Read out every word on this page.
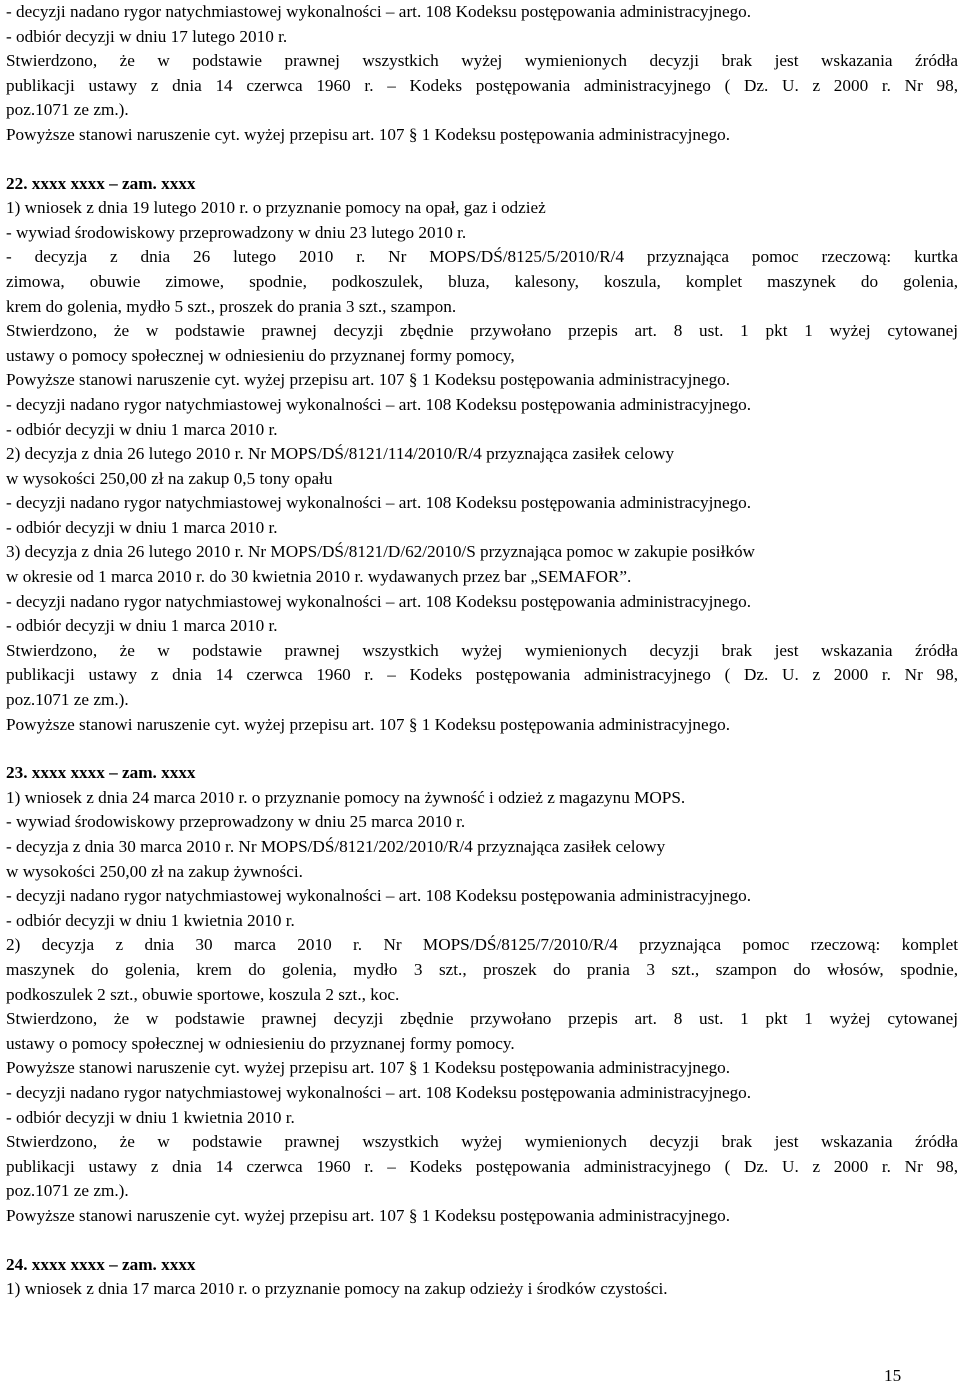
- decyzji nadano rygor natychmiastowej wykonalności – art. 108 Kodeksu postępowania administracyjnego.
- odbiór decyzji w dniu 17 lutego 2010 r.
Stwierdzono, że w podstawie prawnej wszystkich wyżej wymienionych decyzji brak jest wskazania źródła
publikacji ustawy z dnia 14 czerwca 1960 r. – Kodeks postępowania administracyjnego ( Dz. U. z 2000 r. Nr 98,
poz.1071 ze zm.).
Powyższe stanowi naruszenie cyt. wyżej przepisu art. 107 § 1 Kodeksu postępowania administracyjnego.
22. xxxx xxxx – zam. xxxx
1) wniosek z dnia 19 lutego 2010 r. o przyznanie pomocy na opał, gaz i odzież
- wywiad środowiskowy przeprowadzony w dniu 23 lutego 2010 r.
- decyzja z dnia 26 lutego 2010 r. Nr MOPS/DŚ/8125/5/2010/R/4 przyznająca pomoc rzeczową: kurtka
zimowa, obuwie zimowe, spodnie, podkoszulek, bluza, kalesony, koszula, komplet maszynek do golenia,
krem do golenia, mydło 5 szt., proszek do prania 3 szt., szampon.
Stwierdzono, że w podstawie prawnej decyzji zbędnie przywołano przepis art. 8 ust. 1 pkt 1 wyżej cytowanej
ustawy o pomocy społecznej w odniesieniu do przyznanej formy pomocy,
Powyższe stanowi naruszenie cyt. wyżej przepisu art. 107 § 1 Kodeksu postępowania administracyjnego.
- decyzji nadano rygor natychmiastowej wykonalności – art. 108 Kodeksu postępowania administracyjnego.
- odbiór decyzji w dniu 1 marca 2010 r.
2) decyzja z dnia 26 lutego 2010 r. Nr MOPS/DŚ/8121/114/2010/R/4 przyznająca zasiłek celowy
w wysokości 250,00 zł na zakup 0,5 tony opału
- decyzji nadano rygor natychmiastowej wykonalności – art. 108 Kodeksu postępowania administracyjnego.
- odbiór decyzji w dniu 1 marca 2010 r.
3) decyzja z dnia 26 lutego 2010 r. Nr MOPS/DŚ/8121/D/62/2010/S przyznająca pomoc w zakupie posiłków
w okresie od 1 marca 2010 r. do 30 kwietnia 2010 r. wydawanych przez bar „SEMAFOR”.
- decyzji nadano rygor natychmiastowej wykonalności – art. 108 Kodeksu postępowania administracyjnego.
- odbiór decyzji w dniu 1 marca 2010 r.
Stwierdzono, że w podstawie prawnej wszystkich wyżej wymienionych decyzji brak jest wskazania źródła
publikacji ustawy z dnia 14 czerwca 1960 r. – Kodeks postępowania administracyjnego ( Dz. U. z 2000 r. Nr 98,
poz.1071 ze zm.).
Powyższe stanowi naruszenie cyt. wyżej przepisu art. 107 § 1 Kodeksu postępowania administracyjnego.
23. xxxx xxxx – zam. xxxx
1) wniosek z dnia 24 marca 2010 r. o przyznanie pomocy na żywność i odzież z magazynu MOPS.
- wywiad środowiskowy przeprowadzony w dniu 25 marca 2010 r.
- decyzja z dnia 30 marca 2010 r. Nr MOPS/DŚ/8121/202/2010/R/4 przyznająca zasiłek celowy
w wysokości 250,00 zł na zakup żywności.
- decyzji nadano rygor natychmiastowej wykonalności – art. 108 Kodeksu postępowania administracyjnego.
- odbiór decyzji w dniu 1 kwietnia 2010 r.
2) decyzja z dnia 30 marca 2010 r. Nr MOPS/DŚ/8125/7/2010/R/4 przyznająca pomoc rzeczową: komplet
maszynek do golenia, krem do golenia, mydło 3 szt., proszek do prania 3 szt., szampon do włosów, spodnie,
podkoszulek 2 szt., obuwie sportowe, koszula 2 szt., koc.
Stwierdzono, że w podstawie prawnej decyzji zbędnie przywołano przepis art. 8 ust. 1 pkt 1 wyżej cytowanej
ustawy o pomocy społecznej w odniesieniu do przyznanej formy pomocy.
Powyższe stanowi naruszenie cyt. wyżej przepisu art. 107 § 1 Kodeksu postępowania administracyjnego.
- decyzji nadano rygor natychmiastowej wykonalności – art. 108 Kodeksu postępowania administracyjnego.
- odbiór decyzji w dniu 1 kwietnia 2010 r.
Stwierdzono, że w podstawie prawnej wszystkich wyżej wymienionych decyzji brak jest wskazania źródła
publikacji ustawy z dnia 14 czerwca 1960 r. – Kodeks postępowania administracyjnego ( Dz. U. z 2000 r. Nr 98,
poz.1071 ze zm.).
Powyższe stanowi naruszenie cyt. wyżej przepisu art. 107 § 1 Kodeksu postępowania administracyjnego.
24. xxxx xxxx – zam. xxxx
1) wniosek z dnia 17 marca 2010 r. o przyznanie pomocy na zakup odzieży i środków czystości.
15
